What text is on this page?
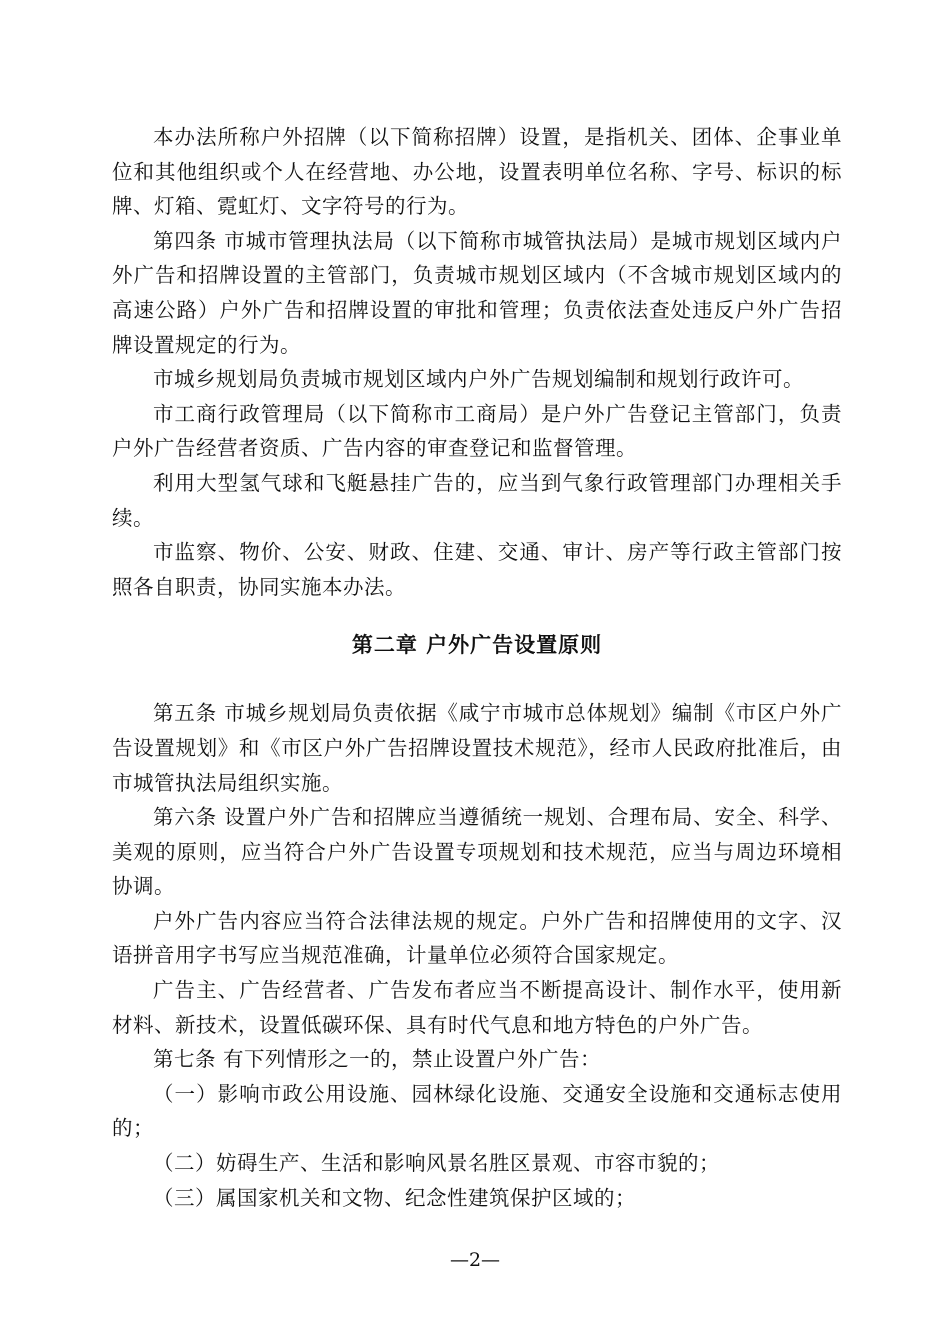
本办法所称户外招牌（以下简称招牌）设置，是指机关、团体、企事业单位和其他组织或个人在经营地、办公地，设置表明单位名称、字号、标识的标牌、灯箱、霓虹灯、文字符号的行为。

第四条 市城市管理执法局（以下简称市城管执法局）是城市规划区域内户外广告和招牌设置的主管部门，负责城市规划区域内（不含城市规划区域内的高速公路）户外广告和招牌设置的审批和管理；负责依法查处违反户外广告招牌设置规定的行为。

市城乡规划局负责城市规划区域内户外广告规划编制和规划行政许可。

市工商行政管理局（以下简称市工商局）是户外广告登记主管部门，负责户外广告经营者资质、广告内容的审查登记和监督管理。

利用大型氢气球和飞艇悬挂广告的，应当到气象行政管理部门办理相关手续。

市监察、物价、公安、财政、住建、交通、审计、房产等行政主管部门按照各自职责，协同实施本办法。

第二章 户外广告设置原则

第五条 市城乡规划局负责依据《咸宁市城市总体规划》编制《市区户外广告设置规划》和《市区户外广告招牌设置技术规范》，经市人民政府批准后，由市城管执法局组织实施。

第六条 设置户外广告和招牌应当遵循统一规划、合理布局、安全、科学、美观的原则，应当符合户外广告设置专项规划和技术规范，应当与周边环境相协调。

户外广告内容应当符合法律法规的规定。户外广告和招牌使用的文字、汉语拼音用字书写应当规范准确，计量单位必须符合国家规定。

广告主、广告经营者、广告发布者应当不断提高设计、制作水平，使用新材料、新技术，设置低碳环保、具有时代气息和地方特色的户外广告。

第七条 有下列情形之一的，禁止设置户外广告：

（一）影响市政公用设施、园林绿化设施、交通安全设施和交通标志使用的；

（二）妨碍生产、生活和影响风景名胜区景观、市容市貌的；

（三）属国家机关和文物、纪念性建筑保护区域的；

—2—
